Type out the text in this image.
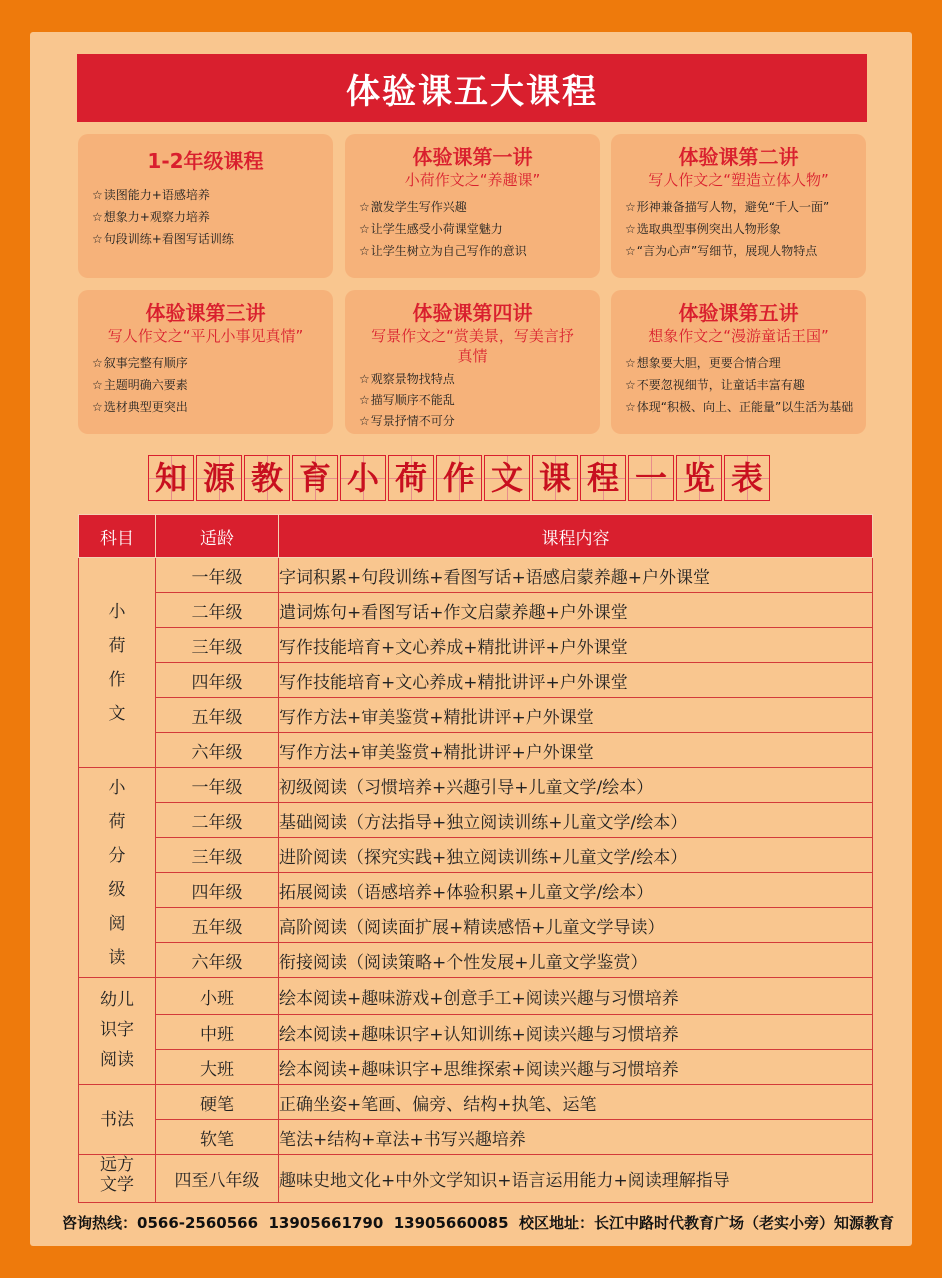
体验课五大课程
1-2年级课程
☆ 读图能力+语感培养
☆ 想象力+观察力培养
☆ 句段训练+看图写话训练
体验课第一讲
小荷作文之“养趣课”
☆ 激发学生写作兴趣
☆ 让学生感受小荷课堂魅力
☆ 让学生树立为自己写作的意识
体验课第二讲
写人作文之“塑造立体人物”
☆ 形神兼备描写人物，避免“千人一面”
☆ 选取典型事例突出人物形象
☆ “言为心声”写细节，展现人物特点
体验课第三讲
写人作文之“平凡小事见真情”
☆ 叙事完整有顺序
☆ 主题明确六要素
☆ 选材典型更突出
体验课第四讲
写景作文之“赏美景，写美言抒真情
☆ 观察景物找特点
☆ 描写顺序不能乱
☆ 写景抒情不可分
体验课第五讲
想象作文之“漫游童话王国”
☆ 想象要大胆，更要合情合理
☆ 不要忽视细节，让童话丰富有趣
☆ 体现“积极、向上、正能量”以生活为基础
知 源 教 育 小 荷 作 文 课 程 一 览 表
科目	适龄	课程内容
小荷作文	一年级	字词积累+句段训练+看图写话+语感启蒙养趣+户外课堂
	二年级	遣词炼句+看图写话+作文启蒙养趣+户外课堂
	三年级	写作技能培育+文心养成+精批讲评+户外课堂
	四年级	写作技能培育+文心养成+精批讲评+户外课堂
	五年级	写作方法+审美鉴赏+精批讲评+户外课堂
	六年级	写作方法+审美鉴赏+精批讲评+户外课堂
小荷分级阅读	一年级	初级阅读（习惯培养+兴趣引导+儿童文学/绘本）
	二年级	基础阅读（方法指导+独立阅读训练+儿童文学/绘本）
	三年级	进阶阅读（探究实践+独立阅读训练+儿童文学/绘本）
	四年级	拓展阅读（语感培养+体验积累+儿童文学/绘本）
	五年级	高阶阅读（阅读面扩展+精读感悟+儿童文学导读）
	六年级	衔接阅读（阅读策略+个性发展+儿童文学鉴赏）
幼儿识字阅读	小班	绘本阅读+趣味游戏+创意手工+阅读兴趣与习惯培养
	中班	绘本阅读+趣味识字+认知训练+阅读兴趣与习惯培养
	大班	绘本阅读+趣味识字+思维探索+阅读兴趣与习惯培养
书法	硬笔	正确坐姿+笔画、偏旁、结构+执笔、运笔
	软笔	笔法+结构+章法+书写兴趣培养
远方文学	四至八年级	趣味史地文化+中外文学知识+语言运用能力+阅读理解指导
咨询热线：0566-2560566  13905661790  13905660085 校区地址：长江中路时代教育广场（老实小旁）知源教育
